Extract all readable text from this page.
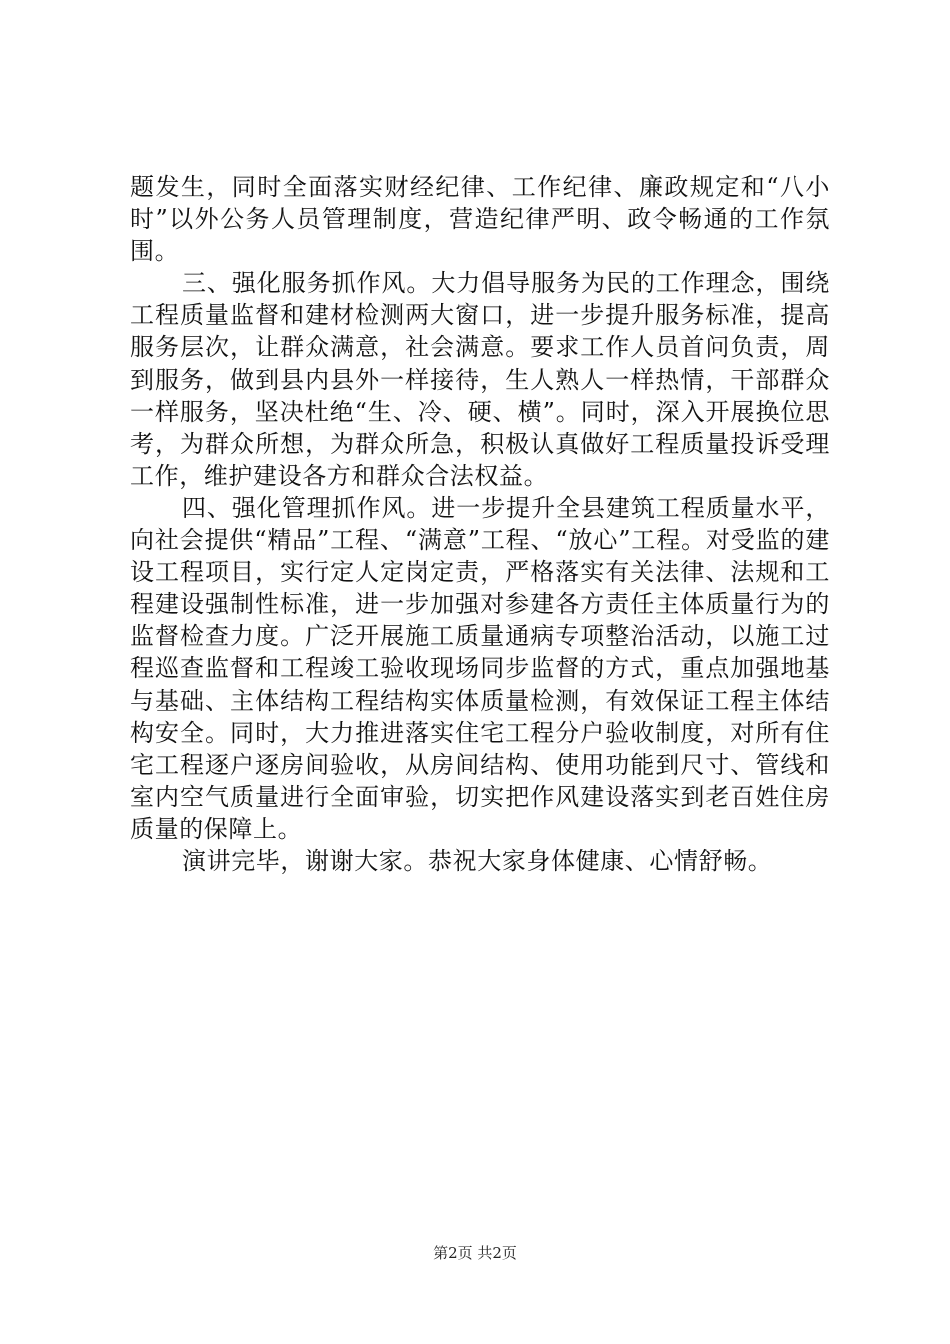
题发生，同时全面落实财经纪律、工作纪律、廉政规定和“八小时”以外公务人员管理制度，营造纪律严明、政令畅通的工作氛围。

三、强化服务抓作风。大力倡导服务为民的工作理念，围绕工程质量监督和建材检测两大窗口，进一步提升服务标准，提高服务层次，让群众满意，社会满意。要求工作人员首问负责，周到服务，做到县内县外一样接待，生人熟人一样热情，干部群众一样服务，坚决杜绝“生、冷、硬、横”。同时，深入开展换位思考，为群众所想，为群众所急，积极认真做好工程质量投诉受理工作，维护建设各方和群众合法权益。

四、强化管理抓作风。进一步提升全县建筑工程质量水平，向社会提供“精品”工程、“满意”工程、“放心”工程。对受监的建设工程项目，实行定人定岗定责，严格落实有关法律、法规和工程建设强制性标准，进一步加强对参建各方责任主体质量行为的监督检查力度。广泛开展施工质量通病专项整治活动，以施工过程巡查监督和工程竣工验收现场同步监督的方式，重点加强地基与基础、主体结构工程结构实体质量检测，有效保证工程主体结构安全。同时，大力推进落实住宅工程分户验收制度，对所有住宅工程逐户逐房间验收，从房间结构、使用功能到尺寸、管线和室内空气质量进行全面审验，切实把作风建设落实到老百姓住房质量的保障上。

演讲完毕，谢谢大家。恭祝大家身体健康、心情舒畅。

第2页 共2页
